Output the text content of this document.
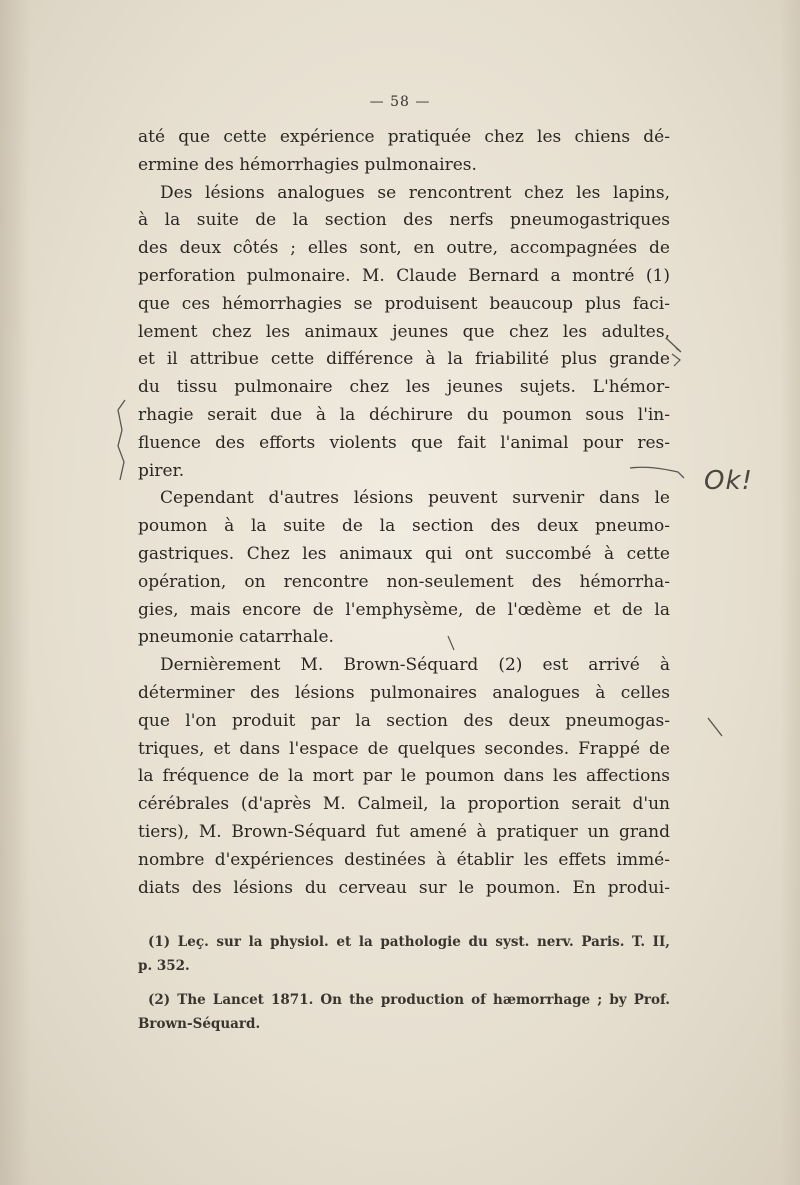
— 58 —
até que cette expérience pratiquée chez les chiens dé-
ermine des hémorrhagies pulmonaires.
Des lésions analogues se rencontrent chez les lapins,
à la suite de la section des nerfs pneumogastriques
des deux côtés ; elles sont, en outre, accompagnées de
perforation pulmonaire. M. Claude Bernard a montré (1)
que ces hémorrhagies se produisent beaucoup plus faci-
lement chez les animaux jeunes que chez les adultes,
et il attribue cette différence à la friabilité plus grande
du tissu pulmonaire chez les jeunes sujets. L'hémor-
rhagie serait due à la déchirure du poumon sous l'in-
fluence des efforts violents que fait l'animal pour res-
pirer.
Cependant d'autres lésions peuvent survenir dans le
poumon à la suite de la section des deux pneumo-
gastriques. Chez les animaux qui ont succombé à cette
opération, on rencontre non-seulement des hémorrha-
gies, mais encore de l'emphysème, de l'œdème et de la
pneumonie catarrhale.
Dernièrement M. Brown-Séquard (2) est arrivé à
déterminer des lésions pulmonaires analogues à celles
que l'on produit par la section des deux pneumogas-
triques, et dans l'espace de quelques secondes. Frappé de
la fréquence de la mort par le poumon dans les affections
cérébrales (d'après M. Calmeil, la proportion serait d'un
tiers), M. Brown-Séquard fut amené à pratiquer un grand
nombre d'expériences destinées à établir les effets immé-
diats des lésions du cerveau sur le poumon. En produi-
(1) Leç. sur la physiol. et la pathologie du syst. nerv. Paris. T. II,
p. 352.
(2) The Lancet 1871. On the production of hæmorrhage ; by Prof.
Brown-Séquard.
Ok!
